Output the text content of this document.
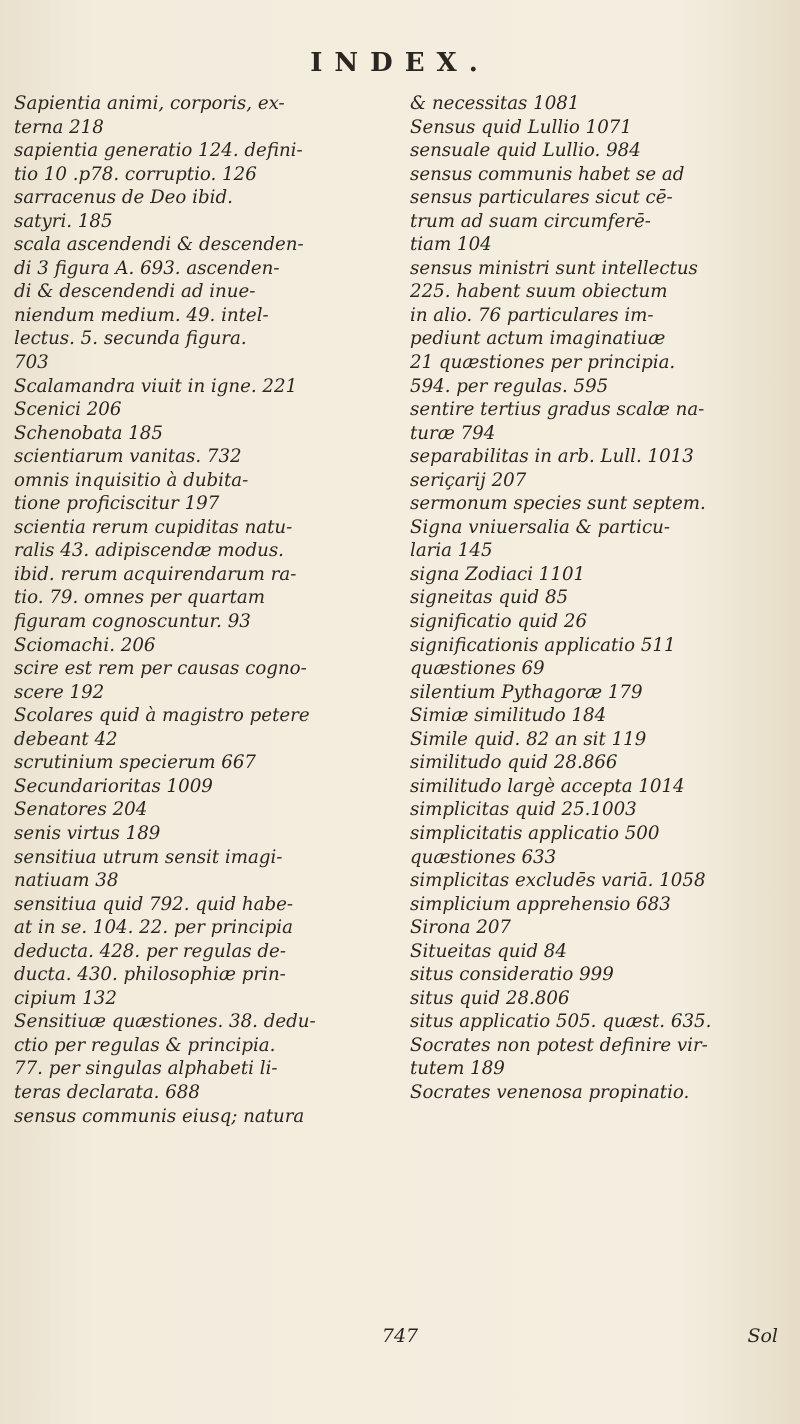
INDEX.
Sapientia animi, corporis, ex-
terna 218
sapientia generatio 124. defini-
tio 10 .p78. corruptio. 126
sarracenus de Deo ibid.
satyri. 185
scala ascendendi & descenden-
di 3 figura A. 693. ascenden-
di & descendendi ad inue-
niendum medium. 49. intel-
lectus. 5. secunda figura.
703
Scalamandra viuit in igne. 221
Scenici 206
Schenobata 185
scientiarum vanitas. 732
omnis inquisitio à dubita-
tione proficiscitur 197
scientia rerum cupiditas natu-
ralis 43. adipiscendæ modus.
ibid. rerum acquirendarum ra-
tio. 79. omnes per quartam
figuram cognoscuntur. 93
Sciomachi. 206
scire est rem per causas cogno-
scere 192
Scolares quid à magistro petere
debeant 42
scrutinium specierum 667
Secundarioritas 1009
Senatores 204
senis virtus 189
sensitiua utrum sensit imagi-
natiuam 38
sensitiua quid 792. quid habe-
at in se. 104. 22. per principia
deducta. 428. per regulas de-
ducta. 430. philosophiæ prin-
cipium 132
Sensitiuæ quæstiones. 38. dedu-
ctio per regulas & principia.
77. per singulas alphabeti li-
teras declarata. 688
sensus communis eiusq; natura
& necessitas 1081
Sensus quid Lullio 1071
sensuale quid Lullio. 984
sensus communis habet se ad
sensus particulares sicut cē-
trum ad suam circumferē-
tiam 104
sensus ministri sunt intellectus
225. habent suum obiectum
in alio. 76 particulares im-
pediunt actum imaginatiuæ
21 quæstiones per principia.
594. per regulas. 595
sentire tertius gradus scalæ na-
turæ 794
separabilitas in arb. Lull. 1013
seriçarij 207
sermonum species sunt septem.
Signa vniuersalia & particu-
laria 145
signa Zodiaci 1101
signeitas quid 85
significatio quid 26
significationis applicatio 511
quæstiones 69
silentium Pythagoræ 179
Simiæ similitudo 184
Simile quid. 82 an sit 119
similitudo quid 28.866
similitudo largè accepta 1014
simplicitas quid 25.1003
simplicitatis applicatio 500
quæstiones 633
simplicitas excludēs variā. 1058
simplicium apprehensio 683
Sirona 207
Situeitas quid 84
situs consideratio 999
situs quid 28.806
situs applicatio 505. quæst. 635.
Socrates non potest definire vir-
tutem 189
Socrates venenosa propinatio.
747	Sol
